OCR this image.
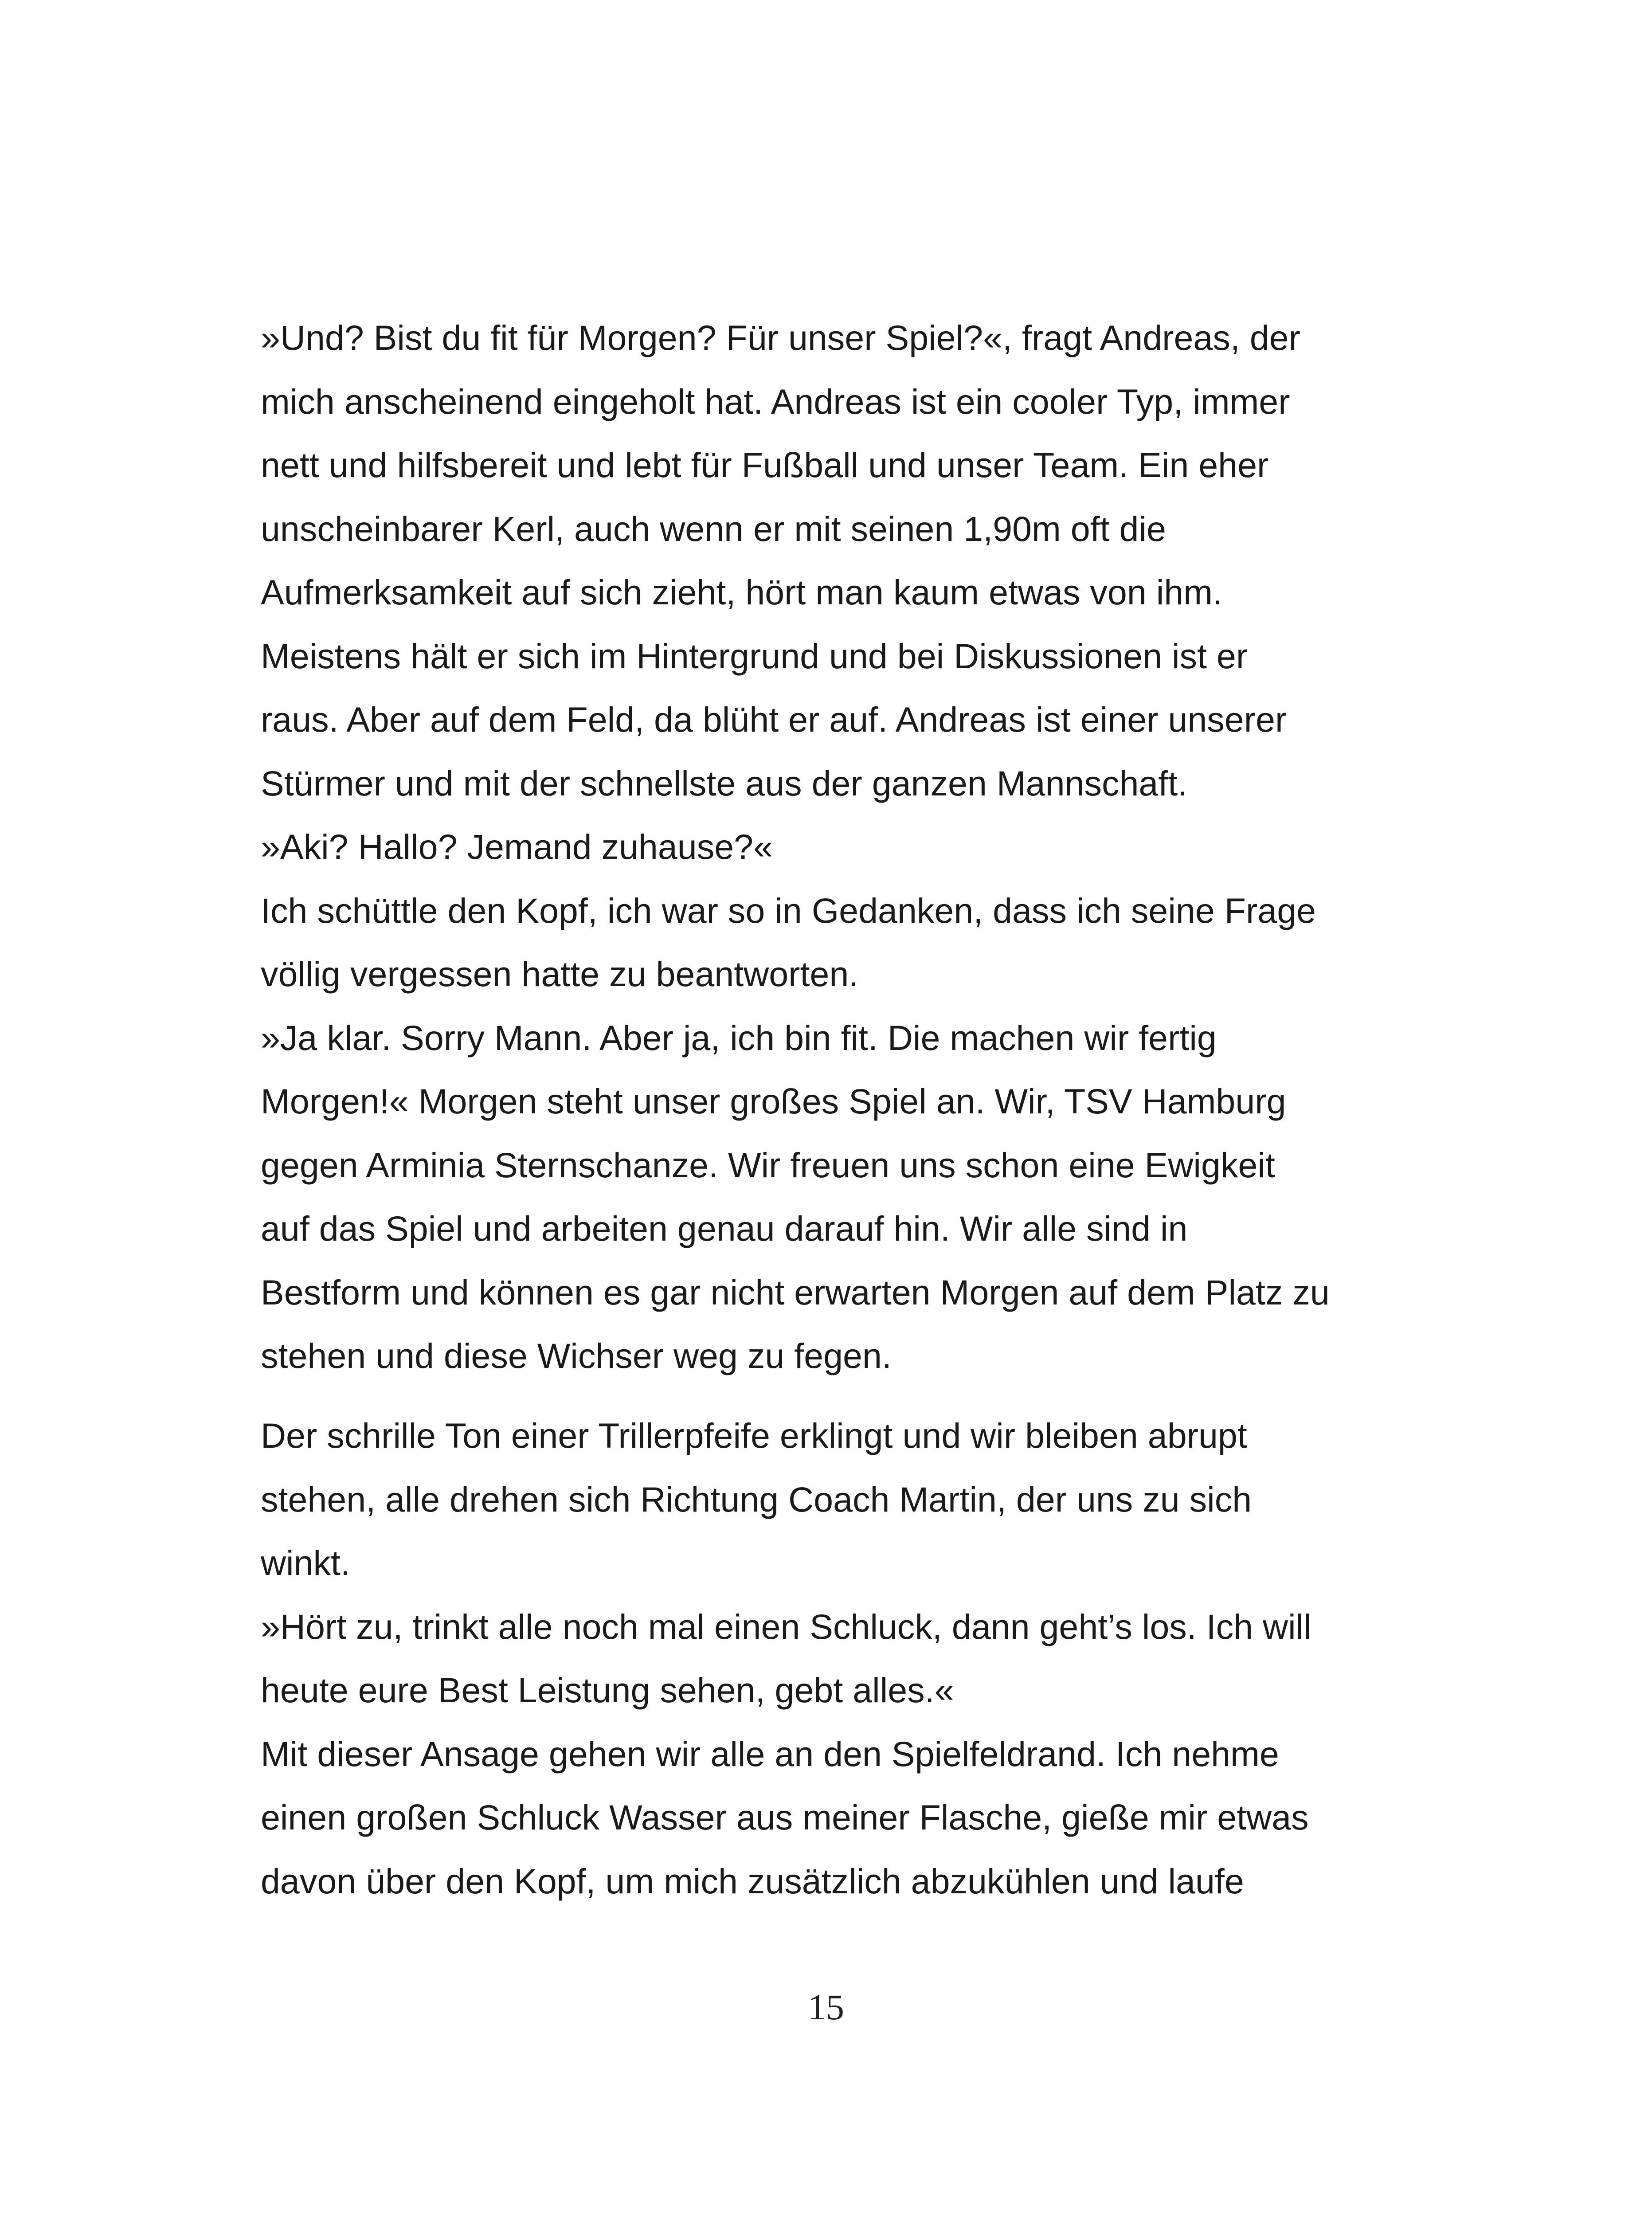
»Und? Bist du fit für Morgen? Für unser Spiel?«, fragt Andreas, der
mich anscheinend eingeholt hat. Andreas ist ein cooler Typ, immer
nett und hilfsbereit und lebt für Fußball und unser Team. Ein eher
unscheinbarer Kerl, auch wenn er mit seinen 1,90m oft die
Aufmerksamkeit auf sich zieht, hört man kaum etwas von ihm.
Meistens hält er sich im Hintergrund und bei Diskussionen ist er
raus. Aber auf dem Feld, da blüht er auf. Andreas ist einer unserer
Stürmer und mit der schnellste aus der ganzen Mannschaft.
»Aki? Hallo? Jemand zuhause?«
Ich schüttle den Kopf, ich war so in Gedanken, dass ich seine Frage
völlig vergessen hatte zu beantworten.
»Ja klar. Sorry Mann. Aber ja, ich bin fit. Die machen wir fertig
Morgen!« Morgen steht unser großes Spiel an. Wir, TSV Hamburg
gegen Arminia Sternschanze. Wir freuen uns schon eine Ewigkeit
auf das Spiel und arbeiten genau darauf hin. Wir alle sind in
Bestform und können es gar nicht erwarten Morgen auf dem Platz zu
stehen und diese Wichser weg zu fegen.
Der schrille Ton einer Trillerpfeife erklingt und wir bleiben abrupt
stehen, alle drehen sich Richtung Coach Martin, der uns zu sich
winkt.
»Hört zu, trinkt alle noch mal einen Schluck, dann geht’s los. Ich will
heute eure Best Leistung sehen, gebt alles.«
Mit dieser Ansage gehen wir alle an den Spielfeldrand. Ich nehme
einen großen Schluck Wasser aus meiner Flasche, gieße mir etwas
davon über den Kopf, um mich zusätzlich abzukühlen und laufe
15
